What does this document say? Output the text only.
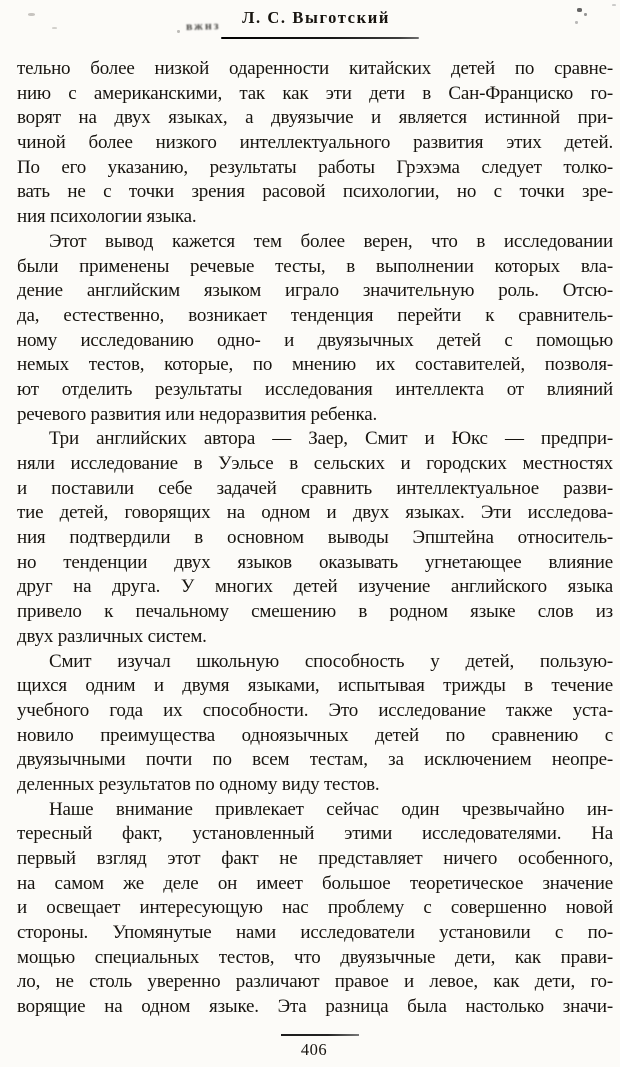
вжнз Л. С. Выготский
тельно более низкой одаренности китайских детей по сравне-
нию с американскими, так как эти дети в Сан-Франциско го-
ворят на двух языках, а двуязычие и является истинной при-
чиной более низкого интеллектуального развития этих детей.
По его указанию, результаты работы Грэхэма следует толко-
вать не с точки зрения расовой психологии, но с точки зре-
ния психологии языка.
Этот вывод кажется тем более верен, что в исследовании
были применены речевые тесты, в выполнении которых вла-
дение английским языком играло значительную роль. Отсю-
да, естественно, возникает тенденция перейти к сравнитель-
ному исследованию одно- и двуязычных детей с помощью
немых тестов, которые, по мнению их составителей, позволя-
ют отделить результаты исследования интеллекта от влияний
речевого развития или недоразвития ребенка.
Три английских автора — Заер, Смит и Юкс — предпри-
няли исследование в Уэльсе в сельских и городских местностях
и поставили себе задачей сравнить интеллектуальное разви-
тие детей, говорящих на одном и двух языках. Эти исследова-
ния подтвердили в основном выводы Эпштейна относитель-
но тенденции двух языков оказывать угнетающее влияние
друг на друга. У многих детей изучение английского языка
привело к печальному смешению в родном языке слов из
двух различных систем.
Смит изучал школьную способность у детей, пользую-
щихся одним и двумя языками, испытывая трижды в течение
учебного года их способности. Это исследование также уста-
новило преимущества одноязычных детей по сравнению с
двуязычными почти по всем тестам, за исключением неопре-
деленных результатов по одному виду тестов.
Наше внимание привлекает сейчас один чрезвычайно ин-
тересный факт, установленный этими исследователями. На
первый взгляд этот факт не представляет ничего особенного,
на самом же деле он имеет большое теоретическое значение
и освещает интересующую нас проблему с совершенно новой
стороны. Упомянутые нами исследователи установили с по-
мощью специальных тестов, что двуязычные дети, как прави-
ло, не столь уверенно различают правое и левое, как дети, го-
ворящие на одном языке. Эта разница была настолько значи-
406
